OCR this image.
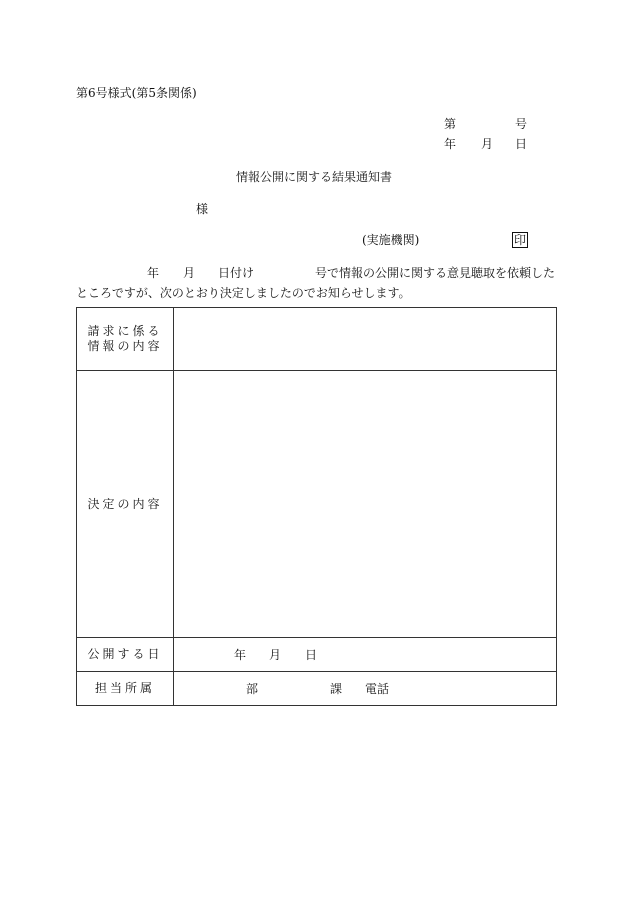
第6号様式(第5条関係)
第	号
年 月 日
情報公開に関する結果通知書
様
(実施機関)	印
年 月 日付け	号で情報の公開に関する意見聴取を依頼した
ところですが、次のとおり決定しましたのでお知らせします。
請求に係る
情報の内容	

決定の内容	

公開する日	年 月 日

担当所属	部 課 電話
